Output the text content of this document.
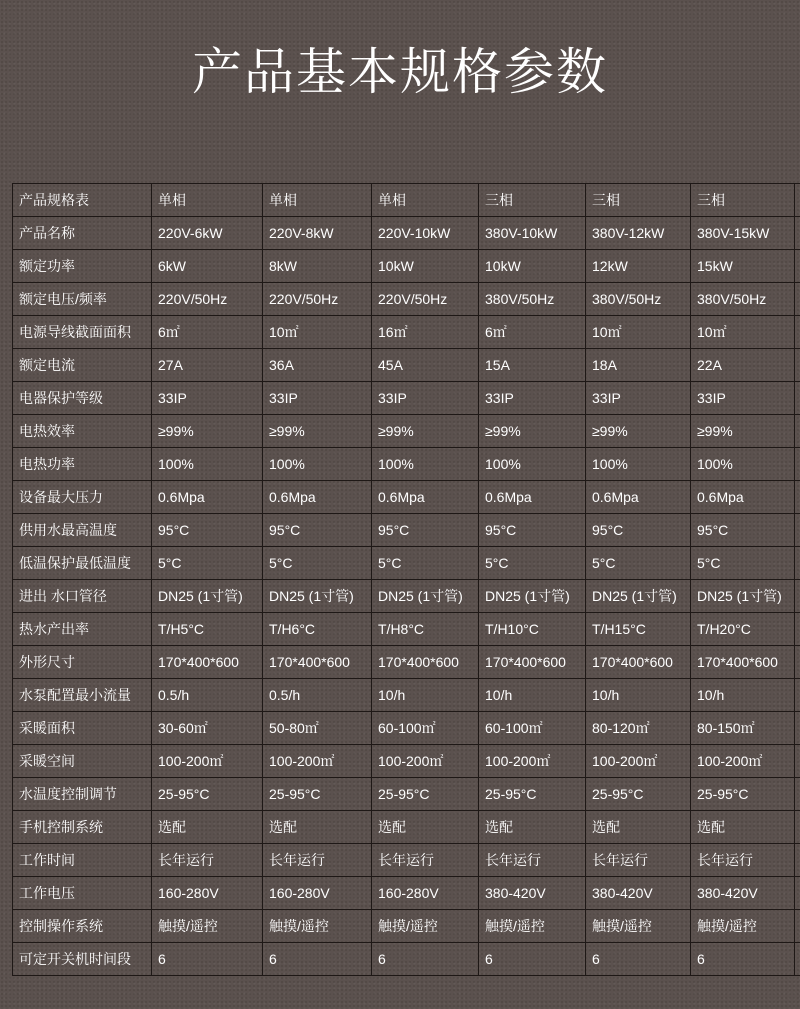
产品基本规格参数
产品规格表	单相	单相	单相	三相	三相	三相	
产品名称	220V-6kW	220V-8kW	220V-10kW	380V-10kW	380V-12kW	380V-15kW	
额定功率	6kW	8kW	10kW	10kW	12kW	15kW	
额定电压/频率	220V/50Hz	220V/50Hz	220V/50Hz	380V/50Hz	380V/50Hz	380V/50Hz	
电源导线截面面积	6㎡	10㎡	16㎡	6㎡	10㎡	10㎡	
额定电流	27A	36A	45A	15A	18A	22A	
电器保护等级	33IP	33IP	33IP	33IP	33IP	33IP	
电热效率	≥99%	≥99%	≥99%	≥99%	≥99%	≥99%	
电热功率	100%	100%	100%	100%	100%	100%	
设备最大压力	0.6Mpa	0.6Mpa	0.6Mpa	0.6Mpa	0.6Mpa	0.6Mpa	
供用水最高温度	95°C	95°C	95°C	95°C	95°C	95°C	
低温保护最低温度	5°C	5°C	5°C	5°C	5°C	5°C	
进出 水口管径	DN25 (1寸管)	DN25 (1寸管)	DN25 (1寸管)	DN25 (1寸管)	DN25 (1寸管)	DN25 (1寸管)	
热水产出率	T/H5°C	T/H6°C	T/H8°C	T/H10°C	T/H15°C	T/H20°C	
外形尺寸	170*400*600	170*400*600	170*400*600	170*400*600	170*400*600	170*400*600	
水泵配置最小流量	0.5/h	0.5/h	10/h	10/h	10/h	10/h	
采暖面积	30-60㎡	50-80㎡	60-100㎡	60-100㎡	80-120㎡	80-150㎡	
采暖空间	100-200㎡	100-200㎡	100-200㎡	100-200㎡	100-200㎡	100-200㎡	
水温度控制调节	25-95°C	25-95°C	25-95°C	25-95°C	25-95°C	25-95°C	
手机控制系统	选配	选配	选配	选配	选配	选配	
工作时间	长年运行	长年运行	长年运行	长年运行	长年运行	长年运行	
工作电压	160-280V	160-280V	160-280V	380-420V	380-420V	380-420V	
控制操作系统	触摸/遥控	触摸/遥控	触摸/遥控	触摸/遥控	触摸/遥控	触摸/遥控	
可定开关机时间段	6	6	6	6	6	6	
